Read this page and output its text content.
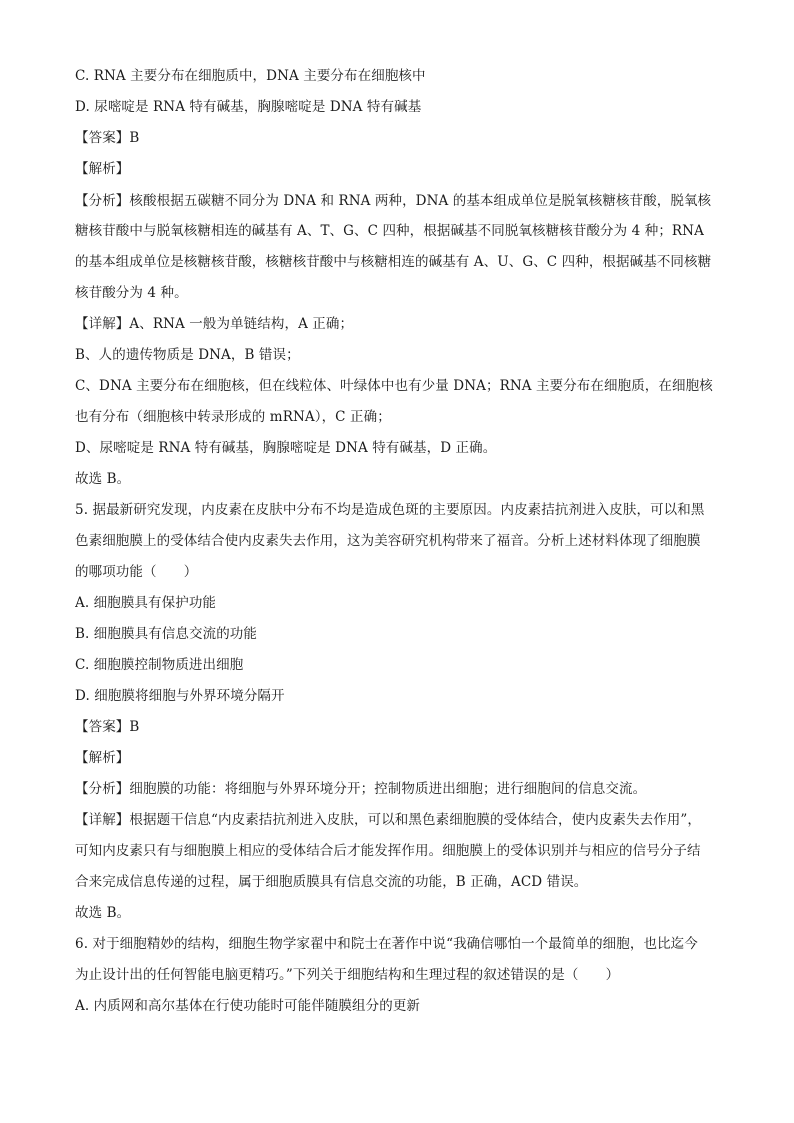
C. RNA 主要分布在细胞质中，DNA 主要分布在细胞核中
D. 尿嘧啶是 RNA 特有碱基，胸腺嘧啶是 DNA 特有碱基
【答案】B
【解析】
【分析】核酸根据五碳糖不同分为 DNA 和 RNA 两种，DNA 的基本组成单位是脱氧核糖核苷酸，脱氧核
糖核苷酸中与脱氧核糖相连的碱基有 A、T、G、C 四种，根据碱基不同脱氧核糖核苷酸分为 4 种；RNA
的基本组成单位是核糖核苷酸，核糖核苷酸中与核糖相连的碱基有 A、U、G、C 四种，根据碱基不同核糖
核苷酸分为 4 种。
【详解】A、RNA 一般为单链结构，A 正确；
B、人的遗传物质是 DNA，B 错误；
C、DNA 主要分布在细胞核，但在线粒体、叶绿体中也有少量 DNA；RNA 主要分布在细胞质，在细胞核
也有分布（细胞核中转录形成的 mRNA），C 正确；
D、尿嘧啶是 RNA 特有碱基，胸腺嘧啶是 DNA 特有碱基，D 正确。
故选 B。
5. 据最新研究发现，内皮素在皮肤中分布不均是造成色斑的主要原因。内皮素拮抗剂进入皮肤，可以和黑
色素细胞膜上的受体结合使内皮素失去作用，这为美容研究机构带来了福音。分析上述材料体现了细胞膜
的哪项功能（　　）
A. 细胞膜具有保护功能
B. 细胞膜具有信息交流的功能
C. 细胞膜控制物质进出细胞
D. 细胞膜将细胞与外界环境分隔开
【答案】B
【解析】
【分析】细胞膜的功能：将细胞与外界环境分开；控制物质进出细胞；进行细胞间的信息交流。
【详解】根据题干信息“内皮素拮抗剂进入皮肤，可以和黑色素细胞膜的受体结合，使内皮素失去作用”，
可知内皮素只有与细胞膜上相应的受体结合后才能发挥作用。细胞膜上的受体识别并与相应的信号分子结
合来完成信息传递的过程，属于细胞质膜具有信息交流的功能，B 正确，ACD 错误。
故选 B。
6. 对于细胞精妙的结构，细胞生物学家翟中和院士在著作中说“我确信哪怕一个最简单的细胞，也比迄今
为止设计出的任何智能电脑更精巧。”下列关于细胞结构和生理过程的叙述错误的是（　　）
A. 内质网和高尔基体在行使功能时可能伴随膜组分的更新
